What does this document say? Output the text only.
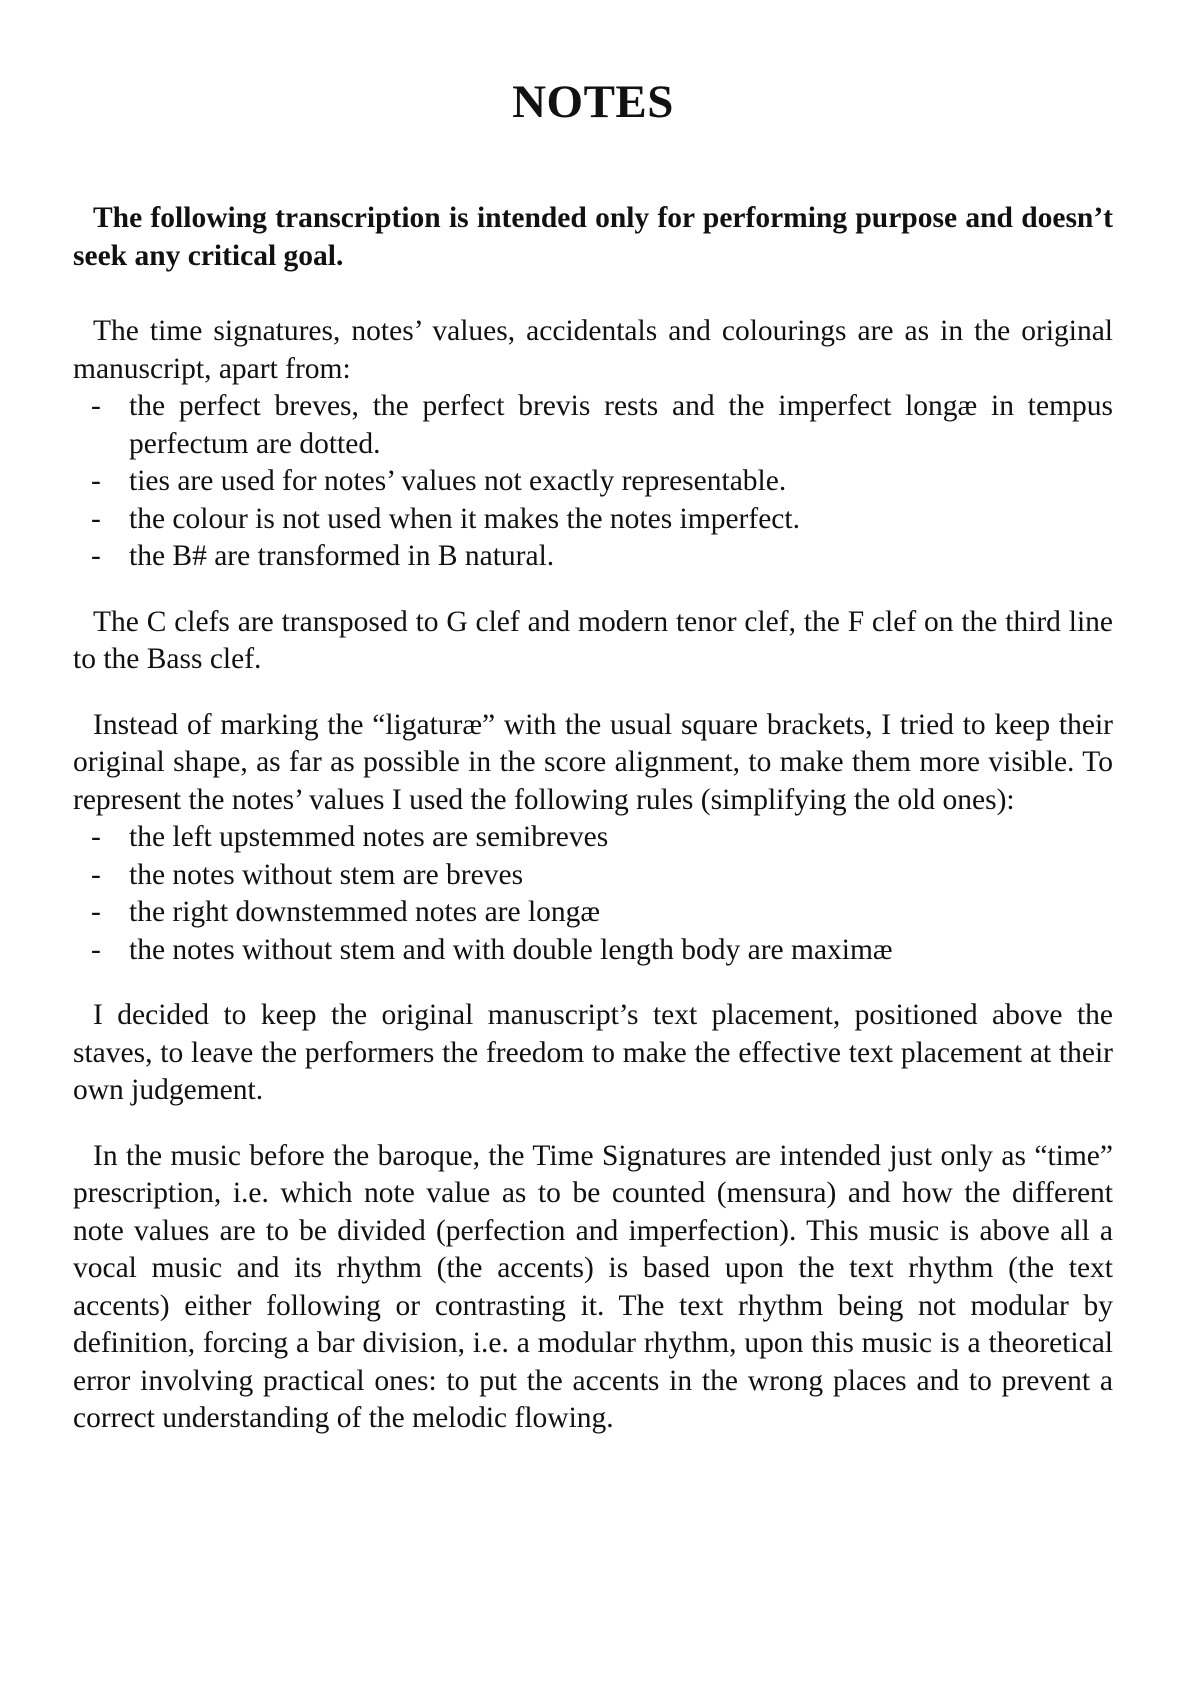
NOTES

The following transcription is intended only for performing purpose and doesn’t seek any critical goal.

The time signatures, notes’ values, accidentals and colourings are as in the original manuscript, apart from:

- the perfect breves, the perfect brevis rests and the imperfect longæ in tempus perfectum are dotted.
- ties are used for notes’ values not exactly representable.
- the colour is not used when it makes the notes imperfect.
- the B# are transformed in B natural.

The C clefs are transposed to G clef and modern tenor clef, the F clef on the third line to the Bass clef.

Instead of marking the “ligaturæ” with the usual square brackets, I tried to keep their original shape, as far as possible in the score alignment, to make them more visible. To represent the notes’ values I used the following rules (simplifying the old ones):

- the left upstemmed notes are semibreves
- the notes without stem are breves
- the right downstemmed notes are longæ
- the notes without stem and with double length body are maximæ

I decided to keep the original manuscript’s text placement, positioned above the staves, to leave the performers the freedom to make the effective text placement at their own judgement.

In the music before the baroque, the Time Signatures are intended just only as “time” prescription, i.e. which note value as to be counted (mensura) and how the different note values are to be divided (perfection and imperfection). This music is above all a vocal music and its rhythm (the accents) is based upon the text rhythm (the text accents) either following or contrasting it. The text rhythm being not modular by definition, forcing a bar division, i.e. a modular rhythm, upon this music is a theoretical error involving practical ones: to put the accents in the wrong places and to prevent a correct understanding of the melodic flowing.
